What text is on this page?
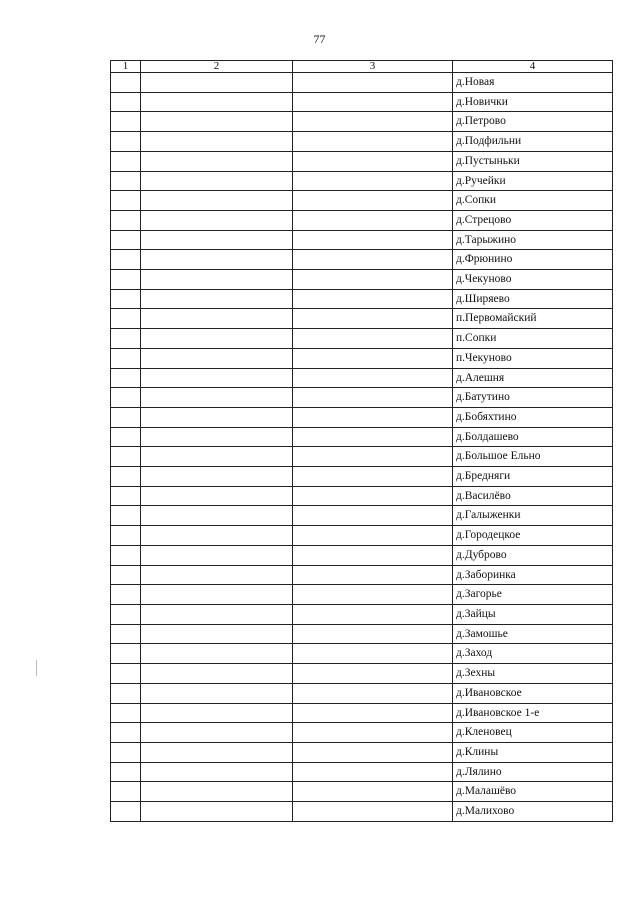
77
1	2	3	4
			д.Новая
			д.Новички
			д.Петрово
			д.Подфильни
			д.Пустыньки
			д.Ручейки
			д.Сопки
			д.Стрецово
			д.Тарыжино
			д.Фрюнино
			д.Чекуново
			д.Ширяево
			п.Первомайский
			п.Сопки
			п.Чекуново
			д.Алешня
			д.Батутино
			д.Бобяхтино
			д.Болдашево
			д.Большое Ельно
			д.Бредняги
			д.Василёво
			д.Галыженки
			д.Городецкое
			д.Дуброво
			д.Заборинка
			д.Загорье
			д.Зайцы
			д.Замошье
			д.Заход
			д.Зехны
			д.Ивановское
			д.Ивановское 1-е
			д.Кленовец
			д.Клины
			д.Лялино
			д.Малашёво
			д.Малихово
